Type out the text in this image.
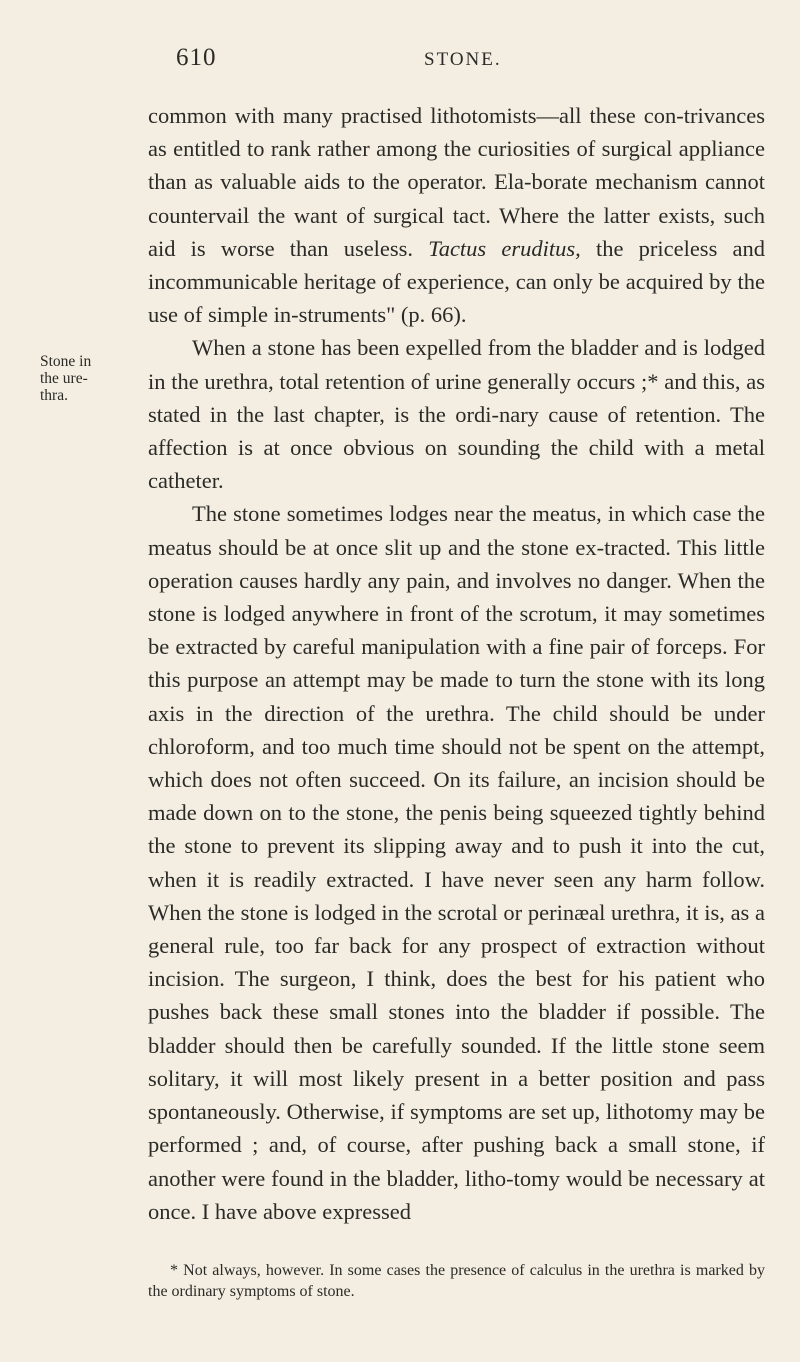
610	STONE.
Stone in the ure-thra.

common with many practised lithotomists—all these con-trivances as entitled to rank rather among the curiosities of surgical appliance than as valuable aids to the operator. Ela-borate mechanism cannot countervail the want of surgical tact. Where the latter exists, such aid is worse than useless. Tactus eruditus, the priceless and incommunicable heritage of experience, can only be acquired by the use of simple in-struments" (p. 66).

When a stone has been expelled from the bladder and is lodged in the urethra, total retention of urine generally occurs ;* and this, as stated in the last chapter, is the ordi-nary cause of retention. The affection is at once obvious on sounding the child with a metal catheter.

The stone sometimes lodges near the meatus, in which case the meatus should be at once slit up and the stone ex-tracted. This little operation causes hardly any pain, and involves no danger. When the stone is lodged anywhere in front of the scrotum, it may sometimes be extracted by careful manipulation with a fine pair of forceps. For this purpose an attempt may be made to turn the stone with its long axis in the direction of the urethra. The child should be under chloroform, and too much time should not be spent on the attempt, which does not often succeed. On its failure, an incision should be made down on to the stone, the penis being squeezed tightly behind the stone to prevent its slipping away and to push it into the cut, when it is readily extracted. I have never seen any harm follow. When the stone is lodged in the scrotal or perinæal urethra, it is, as a general rule, too far back for any prospect of extraction without incision. The surgeon, I think, does the best for his patient who pushes back these small stones into the bladder if possible. The bladder should then be carefully sounded. If the little stone seem solitary, it will most likely present in a better position and pass spontaneously. Otherwise, if symptoms are set up, lithotomy may be performed ; and, of course, after pushing back a small stone, if another were found in the bladder, litho-tomy would be necessary at once. I have above expressed

* Not always, however. In some cases the presence of calculus in the urethra is marked by the ordinary symptoms of stone.
